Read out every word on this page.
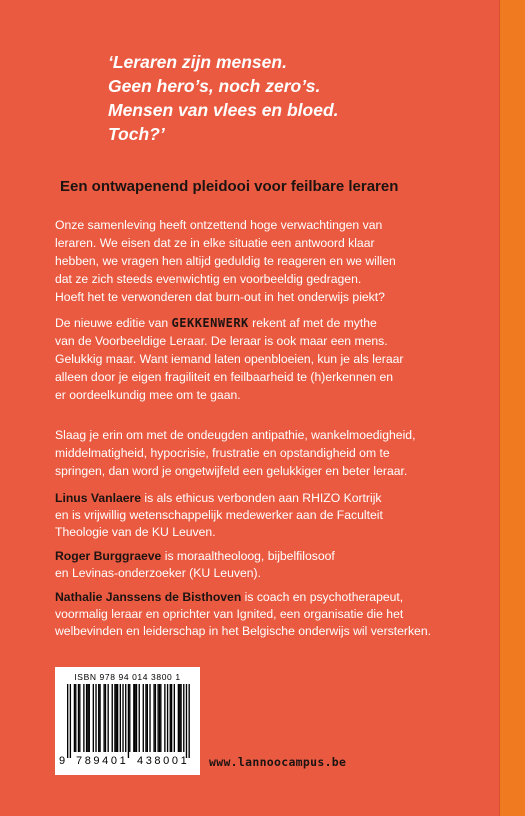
‘Leraren zijn mensen.
Geen hero’s, noch zero’s.
Mensen van vlees en bloed.
Toch?’
Een ontwapenend pleidooi voor feilbare leraren
Onze samenleving heeft ontzettend hoge verwachtingen van
leraren. We eisen dat ze in elke situatie een antwoord klaar
hebben, we vragen hen altijd geduldig te reageren en we willen
dat ze zich steeds evenwichtig en voorbeeldig gedragen.
Hoeft het te verwonderen dat burn-out in het onderwijs piekt?
De nieuwe editie van GEKKENWERK rekent af met de mythe
van de Voorbeeldige Leraar. De leraar is ook maar een mens.
Gelukkig maar. Want iemand laten openbloeien, kun je als leraar
alleen door je eigen fragiliteit en feilbaarheid te (h)erkennen en
er oordeelkundig mee om te gaan.
Slaag je erin om met de ondeugden antipathie, wankelmoedigheid,
middelmatigheid, hypocrisie, frustratie en opstandigheid om te
springen, dan word je ongetwijfeld een gelukkiger en beter leraar.
Linus Vanlaere is als ethicus verbonden aan RHIZO Kortrijk
en is vrijwillig wetenschappelijk medewerker aan de Faculteit
Theologie van de KU Leuven.
Roger Burggraeve is moraaltheoloog, bijbelfilosoof
en Levinas-onderzoeker (KU Leuven).
Nathalie Janssens de Bisthoven is coach en psychotherapeut,
voormalig leraar en oprichter van Ignited, een organisatie die het
welbevinden en leiderschap in het Belgische onderwijs wil versterken.
ISBN 978 94 014 3800 1
9 789401 438001 www.lannoocampus.be
